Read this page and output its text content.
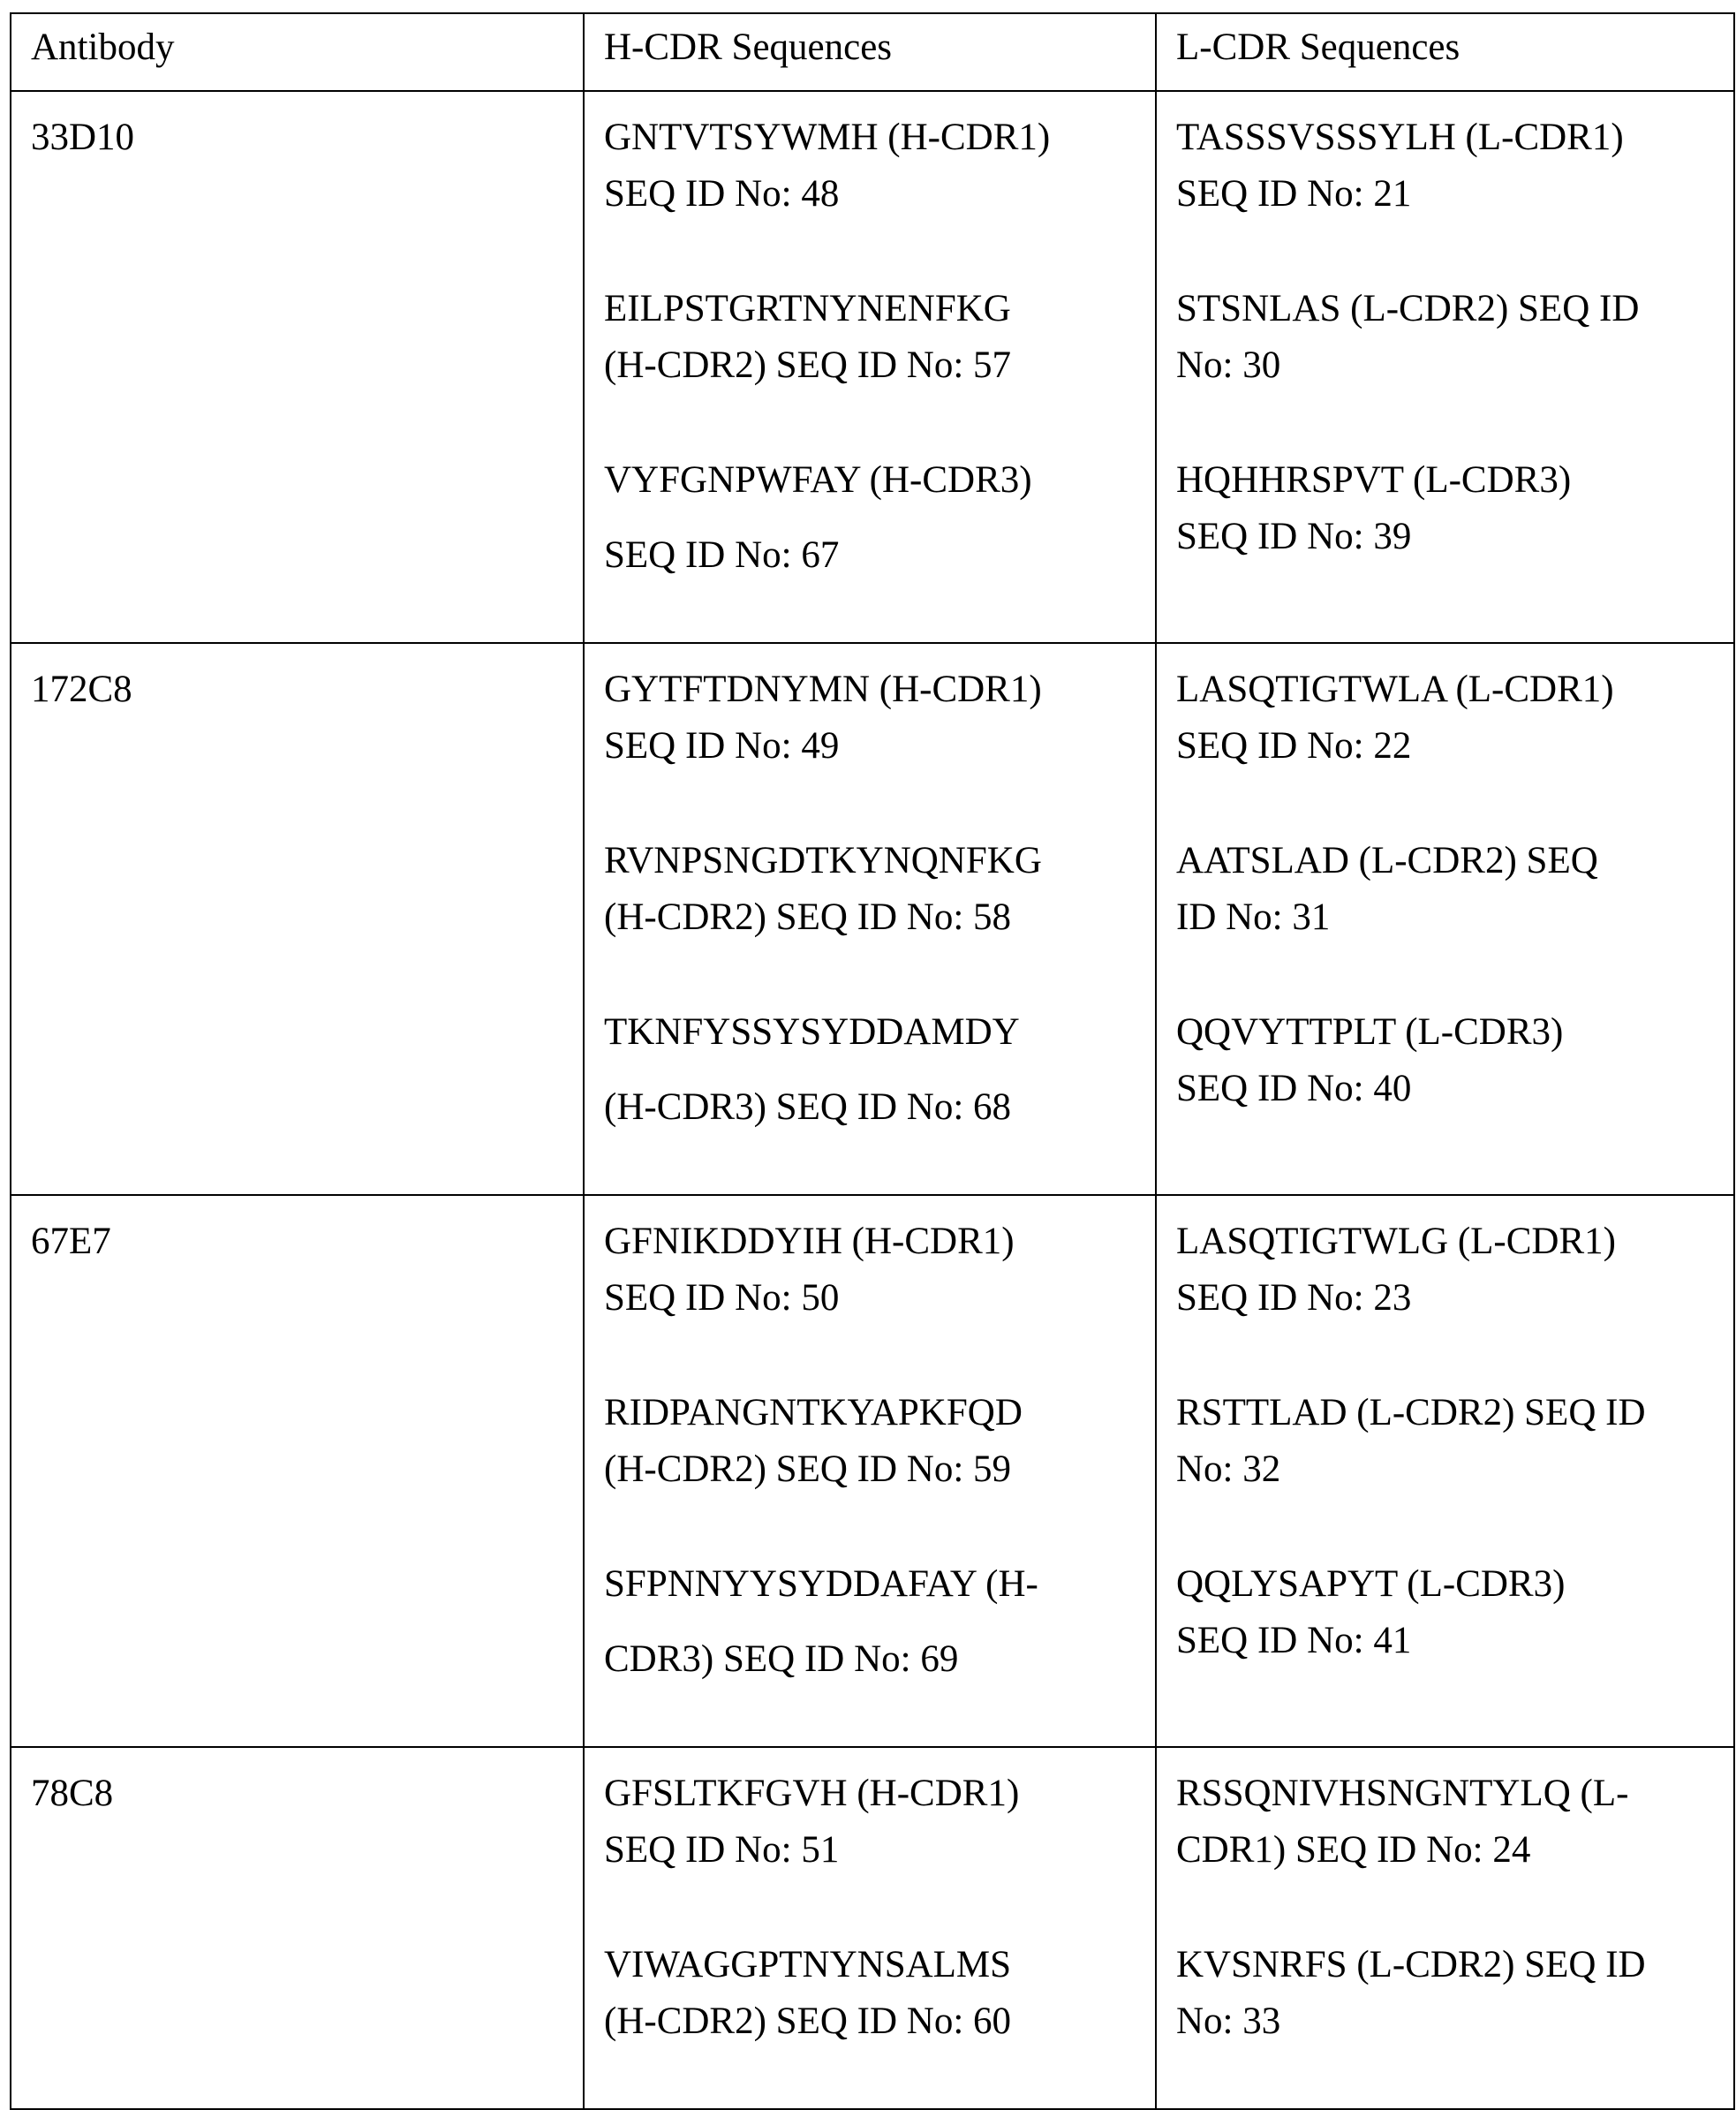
Antibody	H-CDR Sequences	L-CDR Sequences
33D10	GNTVTSYWMH (H-CDR1)
SEQ ID No: 48
EILPSTGRTNYNENFKG
(H-CDR2) SEQ ID No: 57
VYFGNPWFAY (H-CDR3)
SEQ ID No: 67

TASSSVSSSYLH (L-CDR1)
SEQ ID No: 21
STSNLAS (L-CDR2) SEQ ID
No: 30
HQHHRSPVT (L-CDR3)
SEQ ID No: 39

172C8	GYTFTDNYMN (H-CDR1)
SEQ ID No: 49
RVNPSNGDTKYNQNFKG
(H-CDR2) SEQ ID No: 58
TKNFYSSYSYDDAMDY
(H-CDR3) SEQ ID No: 68

LASQTIGTWLA (L-CDR1)
SEQ ID No: 22
AATSLAD (L-CDR2) SEQ
ID No: 31
QQVYTTPLT (L-CDR3)
SEQ ID No: 40

67E7	GFNIKDDYIH (H-CDR1)
SEQ ID No: 50
RIDPANGNTKYAPKFQD
(H-CDR2) SEQ ID No: 59
SFPNNYYSYDDAFAY (H-
CDR3) SEQ ID No: 69

LASQTIGTWLG (L-CDR1)
SEQ ID No: 23
RSTTLAD (L-CDR2) SEQ ID
No: 32
QQLYSAPYT (L-CDR3)
SEQ ID No: 41

78C8	GFSLTKFGVH (H-CDR1)
SEQ ID No: 51
VIWAGGPTNYNSALMS
(H-CDR2) SEQ ID No: 60

RSSQNIVHSNGNTYLQ (L-
CDR1) SEQ ID No: 24
KVSNRFS (L-CDR2) SEQ ID
No: 33
